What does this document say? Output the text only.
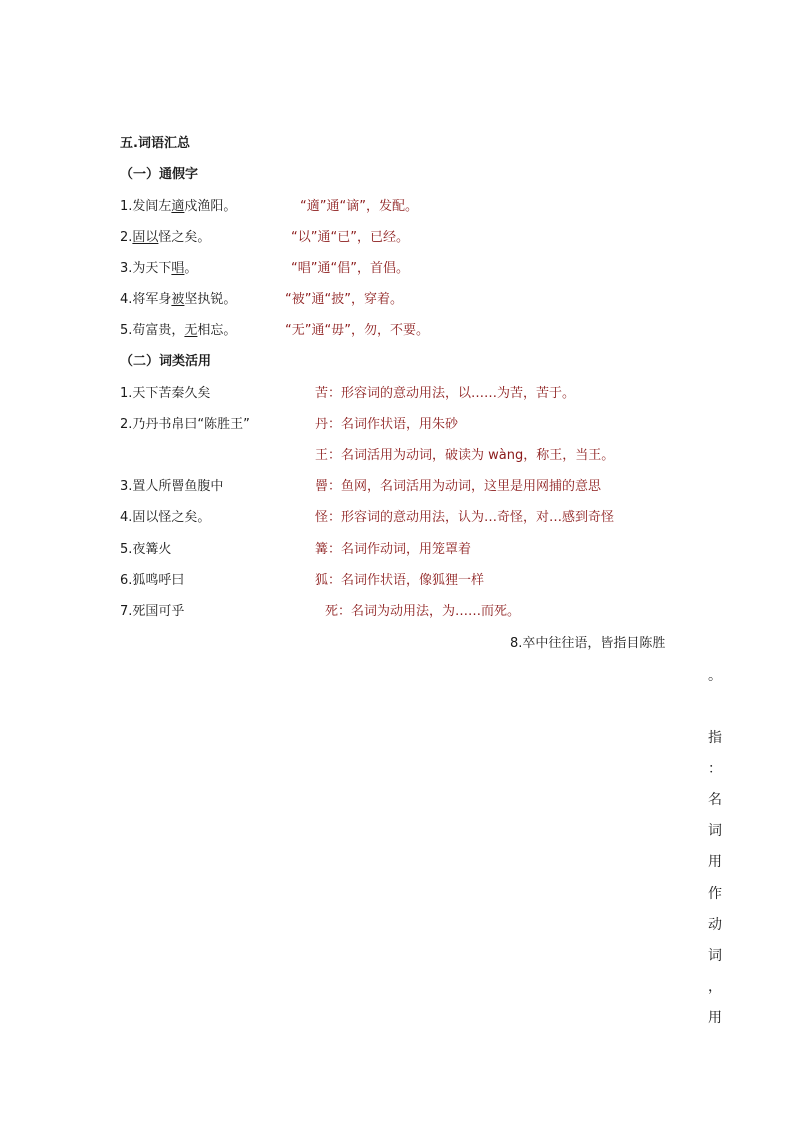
五.词语汇总
（一）通假字
1.发闾左適戍渔阳。	“適”通“谪”，发配。
2.固以怪之矣。	“以”通“已”，已经。
3.为天下唱。	“唱”通“倡”，首倡。
4.将军身被坚执锐。	“被”通“披”，穿着。
5.苟富贵，无相忘。	“无”通“毋”，勿，不要。
（二）词类活用
1.天下苦秦久矣	苦：形容词的意动用法，以……为苦，苦于。
2.乃丹书帛曰“陈胜王”	丹：名词作状语，用朱砂
王：名词活用为动词，破读为 wàng，称王，当王。
3.置人所罾鱼腹中	罾：鱼网，名词活用为动词，这里是用网捕的意思
4.固以怪之矣。	怪：形容词的意动用法，认为…奇怪，对…感到奇怪
5.夜篝火	篝：名词作动词，用笼罩着
6.狐鸣呼曰	狐：名词作状语，像狐狸一样
7.死国可乎	死：名词为动用法，为……而死。
8.卒中往往语，皆指目陈胜
。
指
：
名
词
用
作
动
词
，
用
